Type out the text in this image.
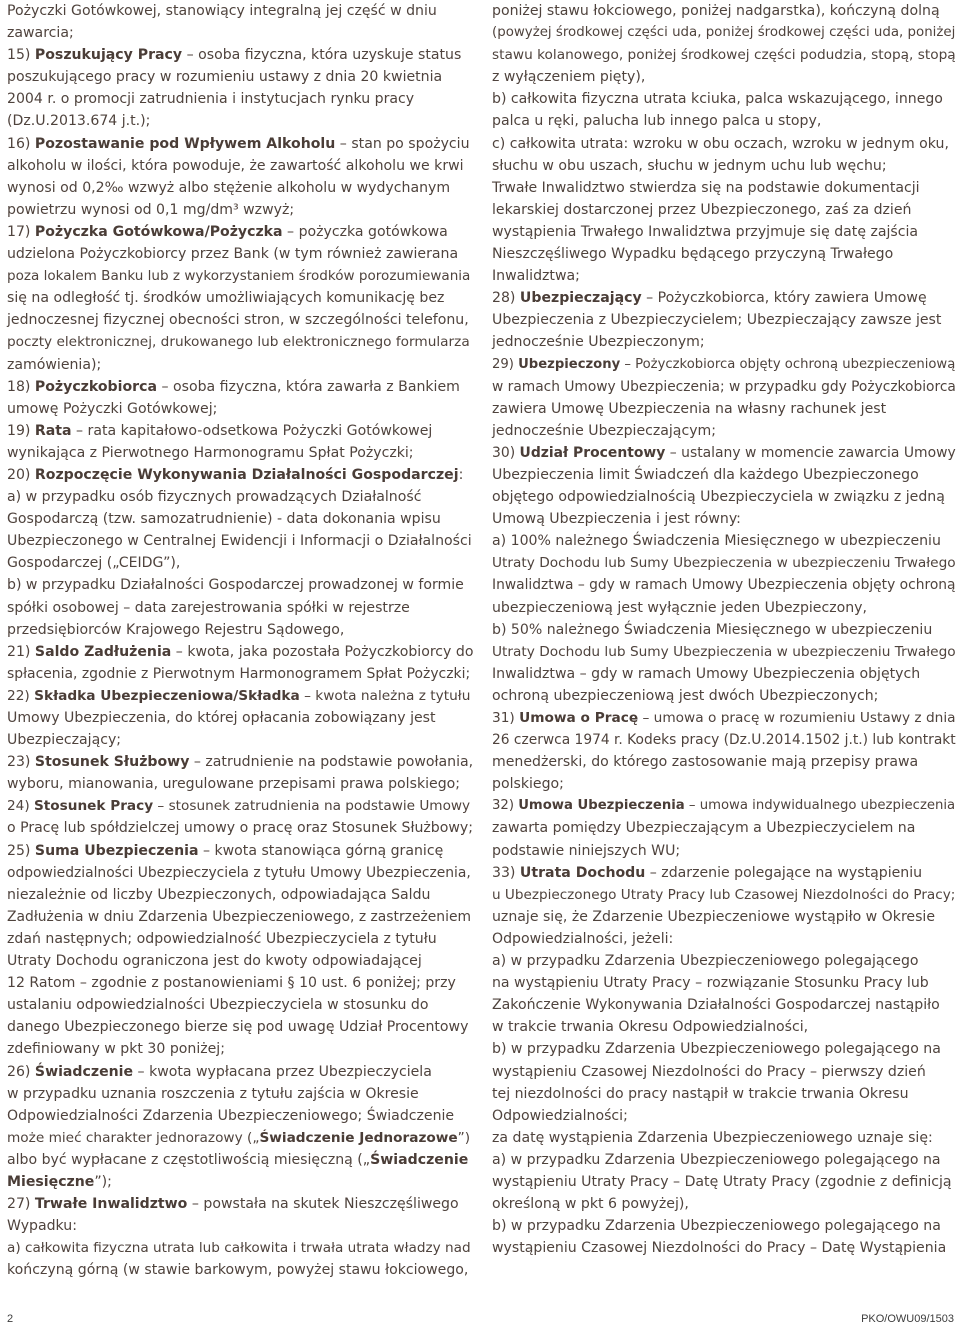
Pożyczki Gotówkowej, stanowiący integralną jej część w dniu

zawarcia;

15) Poszukujący Pracy – osoba fizyczna, która uzyskuje status

poszukującego pracy w rozumieniu ustawy z dnia 20 kwietnia

2004 r. o promocji zatrudnienia i instytucjach rynku pracy

(Dz.U.2013.674 j.t.);

16) Pozostawanie pod Wpływem Alkoholu – stan po spożyciu

alkoholu w ilości, która powoduje, że zawartość alkoholu we krwi

wynosi od 0,2‰ wzwyż albo stężenie alkoholu w wydychanym

powietrzu wynosi od 0,1 mg/dm³ wzwyż;

17) Pożyczka Gotówkowa/Pożyczka – pożyczka gotówkowa

udzielona Pożyczkobiorcy przez Bank (w tym również zawierana

poza lokalem Banku lub z wykorzystaniem środków porozumiewania

się na odległość tj. środków umożliwiających komunikację bez

jednoczesnej fizycznej obecności stron, w szczególności telefonu,

poczty elektronicznej, drukowanego lub elektronicznego formularza

zamówienia);

18) Pożyczkobiorca – osoba fizyczna, która zawarła z Bankiem

umowę Pożyczki Gotówkowej;

19) Rata – rata kapitałowo-odsetkowa Pożyczki Gotówkowej

wynikająca z Pierwotnego Harmonogramu Spłat Pożyczki;

20) Rozpoczęcie Wykonywania Działalności Gospodarczej:

a) w przypadku osób fizycznych prowadzących Działalność

Gospodarczą (tzw. samozatrudnienie) - data dokonania wpisu

Ubezpieczonego w Centralnej Ewidencji i Informacji o Działalności

Gospodarczej („CEIDG”),

b) w przypadku Działalności Gospodarczej prowadzonej w formie

spółki osobowej – data zarejestrowania spółki w rejestrze

przedsiębiorców Krajowego Rejestru Sądowego,

21) Saldo Zadłużenia – kwota, jaka pozostała Pożyczkobiorcy do

spłacenia, zgodnie z Pierwotnym Harmonogramem Spłat Pożyczki;

22) Składka Ubezpieczeniowa/Składka – kwota należna z tytułu

Umowy Ubezpieczenia, do której opłacania zobowiązany jest

Ubezpieczający;

23) Stosunek Służbowy – zatrudnienie na podstawie powołania,

wyboru, mianowania, uregulowane przepisami prawa polskiego;

24) Stosunek Pracy – stosunek zatrudnienia na podstawie Umowy

o Pracę lub spółdzielczej umowy o pracę oraz Stosunek Służbowy;

25) Suma Ubezpieczenia – kwota stanowiąca górną granicę

odpowiedzialności Ubezpieczyciela z tytułu Umowy Ubezpieczenia,

niezależnie od liczby Ubezpieczonych, odpowiadająca Saldu

Zadłużenia w dniu Zdarzenia Ubezpieczeniowego, z zastrzeżeniem

zdań następnych; odpowiedzialność Ubezpieczyciela z tytułu

Utraty Dochodu ograniczona jest do kwoty odpowiadającej

12 Ratom – zgodnie z postanowieniami § 10 ust. 6 poniżej; przy

ustalaniu odpowiedzialności Ubezpieczyciela w stosunku do

danego Ubezpieczonego bierze się pod uwagę Udział Procentowy

zdefiniowany w pkt 30 poniżej;

26) Świadczenie – kwota wypłacana przez Ubezpieczyciela

w przypadku uznania roszczenia z tytułu zajścia w Okresie

Odpowiedzialności Zdarzenia Ubezpieczeniowego; Świadczenie

może mieć charakter jednorazowy („Świadczenie Jednorazowe”)

albo być wypłacane z częstotliwością miesięczną („Świadczenie

Miesięczne”);

27) Trwałe Inwalidztwo – powstała na skutek Nieszczęśliwego

Wypadku:

a) całkowita fizyczna utrata lub całkowita i trwała utrata władzy nad

kończyną górną (w stawie barkowym, powyżej stawu łokciowego,

poniżej stawu łokciowego, poniżej nadgarstka), kończyną dolną

(powyżej środkowej części uda, poniżej środkowej części uda, poniżej

stawu kolanowego, poniżej środkowej części podudzia, stopą, stopą

z wyłączeniem pięty),

b) całkowita fizyczna utrata kciuka, palca wskazującego, innego

palca u ręki, palucha lub innego palca u stopy,

c) całkowita utrata: wzroku w obu oczach, wzroku w jednym oku,

słuchu w obu uszach, słuchu w jednym uchu lub węchu;

Trwałe Inwalidztwo stwierdza się na podstawie dokumentacji

lekarskiej dostarczonej przez Ubezpieczonego, zaś za dzień

wystąpienia Trwałego Inwalidztwa przyjmuje się datę zajścia

Nieszczęśliwego Wypadku będącego przyczyną Trwałego

Inwalidztwa;

28) Ubezpieczający – Pożyczkobiorca, który zawiera Umowę

Ubezpieczenia z Ubezpieczycielem; Ubezpieczający zawsze jest

jednocześnie Ubezpieczonym;

29) Ubezpieczony – Pożyczkobiorca objęty ochroną ubezpieczeniową

w ramach Umowy Ubezpieczenia; w przypadku gdy Pożyczkobiorca

zawiera Umowę Ubezpieczenia na własny rachunek jest

jednocześnie Ubezpieczającym;

30) Udział Procentowy – ustalany w momencie zawarcia Umowy

Ubezpieczenia limit Świadczeń dla każdego Ubezpieczonego

objętego odpowiedzialnością Ubezpieczyciela w związku z jedną

Umową Ubezpieczenia i jest równy:

a) 100% należnego Świadczenia Miesięcznego w ubezpieczeniu

Utraty Dochodu lub Sumy Ubezpieczenia w ubezpieczeniu Trwałego

Inwalidztwa – gdy w ramach Umowy Ubezpieczenia objęty ochroną

ubezpieczeniową jest wyłącznie jeden Ubezpieczony,

b) 50% należnego Świadczenia Miesięcznego w ubezpieczeniu

Utraty Dochodu lub Sumy Ubezpieczenia w ubezpieczeniu Trwałego

Inwalidztwa – gdy w ramach Umowy Ubezpieczenia objętych

ochroną ubezpieczeniową jest dwóch Ubezpieczonych;

31) Umowa o Pracę – umowa o pracę w rozumieniu Ustawy z dnia

26 czerwca 1974 r. Kodeks pracy (Dz.U.2014.1502 j.t.) lub kontrakt

menedżerski, do którego zastosowanie mają przepisy prawa

polskiego;

32) Umowa Ubezpieczenia – umowa indywidualnego ubezpieczenia

zawarta pomiędzy Ubezpieczającym a Ubezpieczycielem na

podstawie niniejszych WU;

33) Utrata Dochodu – zdarzenie polegające na wystąpieniu

u Ubezpieczonego Utraty Pracy lub Czasowej Niezdolności do Pracy;

uznaje się, że Zdarzenie Ubezpieczeniowe wystąpiło w Okresie

Odpowiedzialności, jeżeli:

a) w przypadku Zdarzenia Ubezpieczeniowego polegającego

na wystąpieniu Utraty Pracy – rozwiązanie Stosunku Pracy lub

Zakończenie Wykonywania Działalności Gospodarczej nastąpiło

w trakcie trwania Okresu Odpowiedzialności,

b) w przypadku Zdarzenia Ubezpieczeniowego polegającego na

wystąpieniu Czasowej Niezdolności do Pracy – pierwszy dzień

tej niezdolności do pracy nastąpił w trakcie trwania Okresu

Odpowiedzialności;

za datę wystąpienia Zdarzenia Ubezpieczeniowego uznaje się:

a) w przypadku Zdarzenia Ubezpieczeniowego polegającego na

wystąpieniu Utraty Pracy – Datę Utraty Pracy (zgodnie z definicją

określoną w pkt 6 powyżej),

b) w przypadku Zdarzenia Ubezpieczeniowego polegającego na

wystąpieniu Czasowej Niezdolności do Pracy – Datę Wystąpienia

2	PKO/OWU09/1503
